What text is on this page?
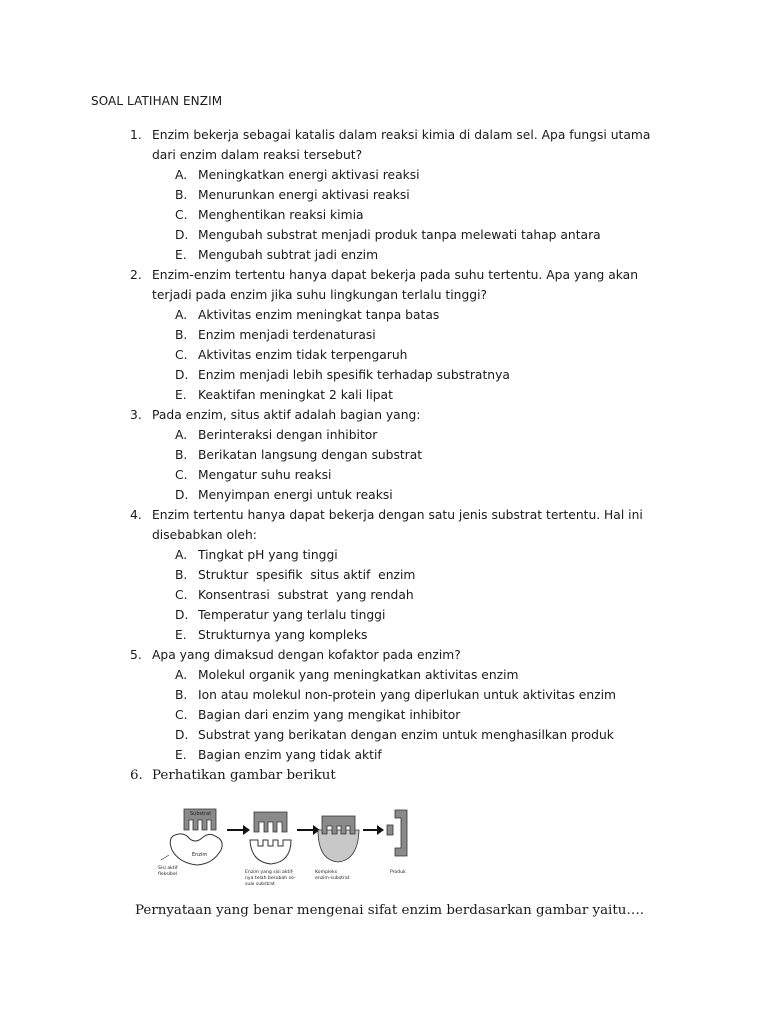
SOAL LATIHAN ENZIM
1. Enzim bekerja sebagai katalis dalam reaksi kimia di dalam sel. Apa fungsi utama dari enzim dalam reaksi tersebut?
A. Meningkatkan energi aktivasi reaksi
B. Menurunkan energi aktivasi reaksi
C. Menghentikan reaksi kimia
D. Mengubah substrat menjadi produk tanpa melewati tahap antara
E. Mengubah subtrat jadi enzim
2. Enzim-enzim tertentu hanya dapat bekerja pada suhu tertentu. Apa yang akan terjadi pada enzim jika suhu lingkungan terlalu tinggi?
A. Aktivitas enzim meningkat tanpa batas
B. Enzim menjadi terdenaturasi
C. Aktivitas enzim tidak terpengaruh
D. Enzim menjadi lebih spesifik terhadap substratnya
E. Keaktifan meningkat 2 kali lipat
3. Pada enzim, situs aktif adalah bagian yang:
A. Berinteraksi dengan inhibitor
B. Berikatan langsung dengan substrat
C. Mengatur suhu reaksi
D. Menyimpan energi untuk reaksi
4. Enzim tertentu hanya dapat bekerja dengan satu jenis substrat tertentu. Hal ini disebabkan oleh:
A. Tingkat pH yang tinggi
B. Struktur  spesifik  situs aktif  enzim
C. Konsentrasi  substrat  yang rendah
D. Temperatur yang terlalu tinggi
E. Strukturnya yang kompleks
5. Apa yang dimaksud dengan kofaktor pada enzim?
A. Molekul organik yang meningkatkan aktivitas enzim
B. Ion atau molekul non-protein yang diperlukan untuk aktivitas enzim
C. Bagian dari enzim yang mengikat inhibitor
D. Substrat yang berikatan dengan enzim untuk menghasilkan produk
E. Bagian enzim yang tidak aktif
6. Perhatikan gambar berikut
Substrat
Enzim
Sisi aktif
fleksibel	Enzim yang sisi aktif-
nya telah berubah se-
suai substrat
Kompleks
enzim-substrat
Produk
Pernyataan yang benar mengenai sifat enzim berdasarkan gambar yaitu….
